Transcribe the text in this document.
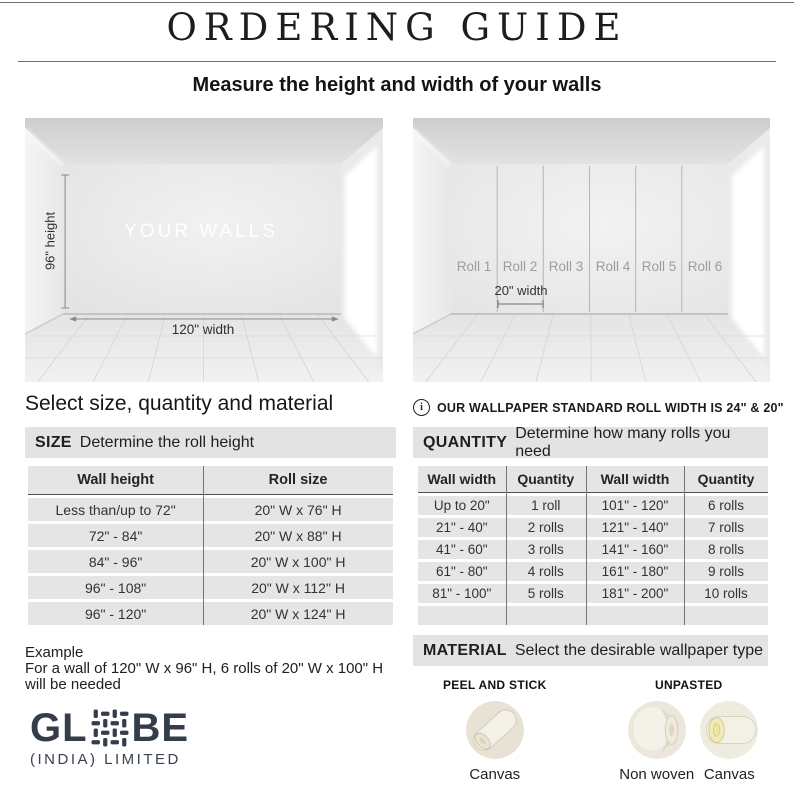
ORDERING GUIDE
Measure the height and width of your walls
YOUR WALLS
96" height
120" width
Roll 1 Roll 2 Roll 3 Roll 4 Roll 5 Roll 6
20" width
Select size, quantity and material
SIZE Determine the roll height
Wall height	Roll size
Less than/up to 72"	20" W x 76" H
72" - 84"	20" W x 88" H
84" - 96"	20" W x 100" H
96" - 108"	20" W x 112" H
96" - 120"	20" W x 124" H
Example
For a wall of 120" W x 96" H, 6 rolls of 20" W x 100" H
will be needed
GL BE
(INDIA) LIMITED
i	OUR WALLPAPER STANDARD ROLL WIDTH IS 24" & 20"
QUANTITY
Determine how many rolls you need
Wall width	Quantity	Wall width	Quantity
Up to 20"	1 roll	101" - 120"	6 rolls
21" - 40"	2 rolls	121" - 140"	7 rolls
41" - 60"	3 rolls	141" - 160"	8 rolls
61" - 80"	4 rolls	161" - 180"	9 rolls
81" - 100"	5 rolls	181" - 200"	10 rolls
MATERIAL Select the desirable wallpaper type
PEEL AND STICK
Canvas
UNPASTED
Non woven Canvas
